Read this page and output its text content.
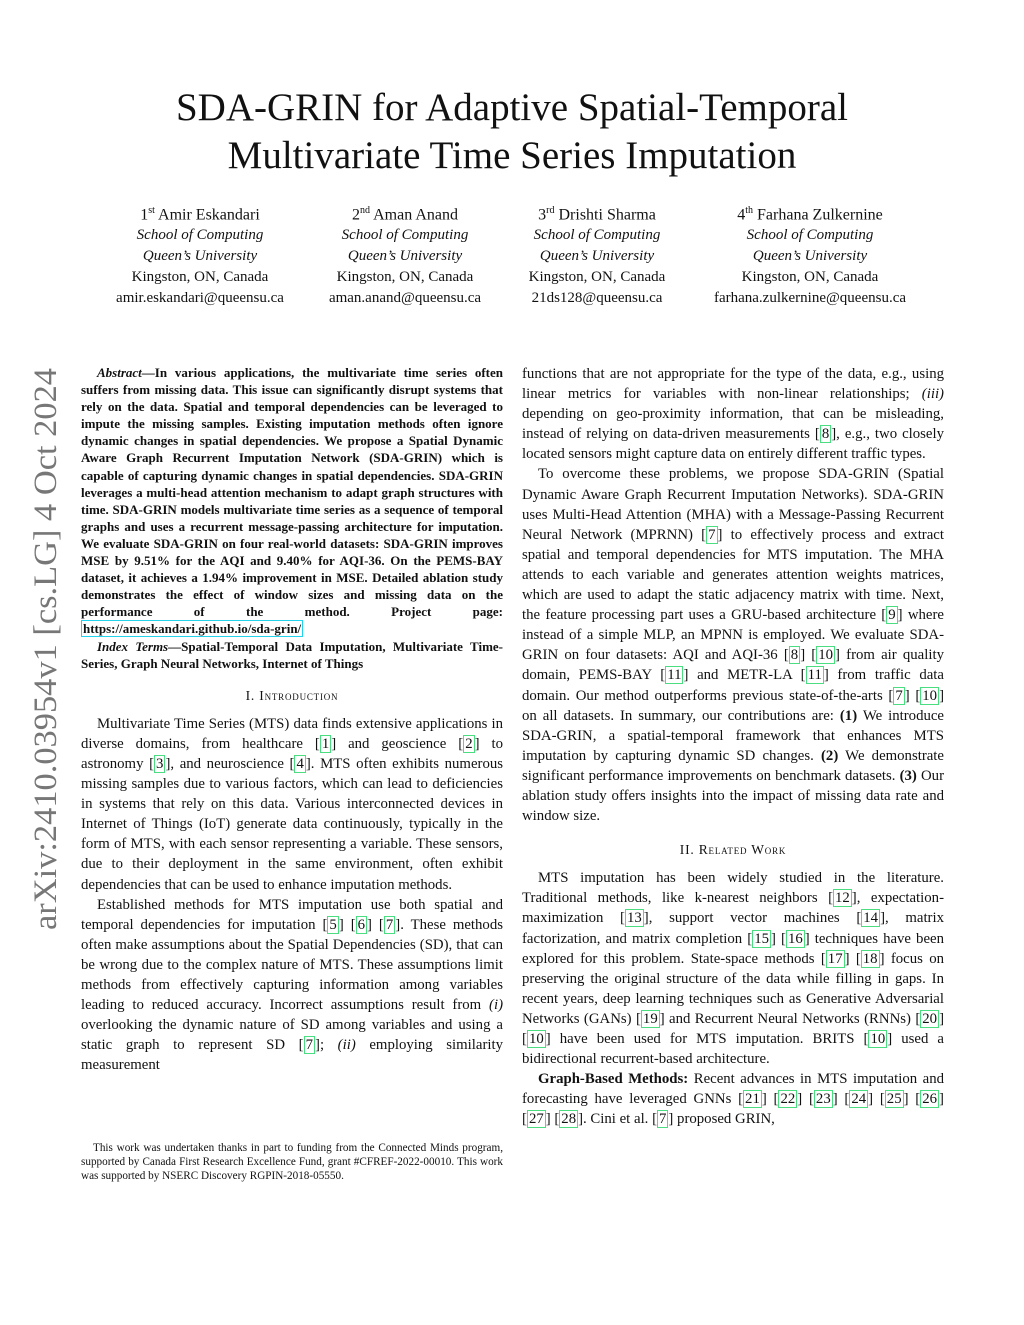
arXiv:2410.03954v1 [cs.LG] 4 Oct 2024
SDA-GRIN for Adaptive Spatial-Temporal
Multivariate Time Series Imputation
1st Amir Eskandari
School of Computing
Queen’s University
Kingston, ON, Canada
amir.eskandari@queensu.ca
2nd Aman Anand
School of Computing
Queen’s University
Kingston, ON, Canada
aman.anand@queensu.ca
3rd Drishti Sharma
School of Computing
Queen’s University
Kingston, ON, Canada
21ds128@queensu.ca
4th Farhana Zulkernine
School of Computing
Queen’s University
Kingston, ON, Canada
farhana.zulkernine@queensu.ca

Abstract—In various applications, the multivariate time series often suffers from missing data. This issue can significantly disrupt systems that rely on the data. Spatial and temporal dependencies can be leveraged to impute the missing samples. Existing imputation methods often ignore dynamic changes in spatial dependencies. We propose a Spatial Dynamic Aware Graph Recurrent Imputation Network (SDA-GRIN) which is capable of capturing dynamic changes in spatial dependencies. SDA-GRIN leverages a multi-head attention mechanism to adapt graph structures with time. SDA-GRIN models multivariate time series as a sequence of temporal graphs and uses a recurrent message-passing architecture for imputation. We evaluate SDA-GRIN on four real-world datasets: SDA-GRIN improves MSE by 9.51% for the AQI and 9.40% for AQI-36. On the PEMS-BAY dataset, it achieves a 1.94% improvement in MSE. Detailed ablation study demonstrates the effect of window sizes and missing data on the performance of the method. Project page: https://ameskandari.github.io/sda-grin/

Index Terms—Spatial-Temporal Data Imputation, Multivariate Time-Series, Graph Neural Networks, Internet of Things

I. Introduction

Multivariate Time Series (MTS) data finds extensive applications in diverse domains, from healthcare [ 1 ] and geoscience [ 2 ] to astronomy [ 3 ], and neuroscience [ 4 ]. MTS often exhibits numerous missing samples due to various factors, which can lead to deficiencies in systems that rely on this data. Various interconnected devices in Internet of Things (IoT) generate data continuously, typically in the form of MTS, with each sensor representing a variable. These sensors, due to their deployment in the same environment, often exhibit dependencies that can be used to enhance imputation methods.

Established methods for MTS imputation use both spatial and temporal dependencies for imputation [ 5 ] [ 6 ] [ 7 ]. These methods often make assumptions about the Spatial Dependencies (SD), that can be wrong due to the complex nature of MTS. These assumptions limit methods from effectively capturing information among variables leading to reduced accuracy. Incorrect assumptions result from (i) overlooking the dynamic nature of SD among variables and using a static graph to represent SD [ 7 ]; (ii) employing similarity measurement

This work was undertaken thanks in part to funding from the Connected Minds program, supported by Canada First Research Excellence Fund, grant #CFREF-2022-00010. This work was supported by NSERC Discovery RGPIN-2018-05550.

functions that are not appropriate for the type of the data, e.g., using linear metrics for variables with non-linear relationships; (iii) depending on geo-proximity information, that can be misleading, instead of relying on data-driven measurements [ 8 ], e.g., two closely located sensors might capture data on entirely different traffic types.

To overcome these problems, we propose SDA-GRIN (Spatial Dynamic Aware Graph Recurrent Imputation Networks). SDA-GRIN uses Multi-Head Attention (MHA) with a Message-Passing Recurrent Neural Network (MPRNN) [ 7 ] to effectively process and extract spatial and temporal dependencies for MTS imputation. The MHA attends to each variable and generates attention weights matrices, which are used to adapt the static adjacency matrix with time. Next, the feature processing part uses a GRU-based architecture [ 9 ] where instead of a simple MLP, an MPNN is employed. We evaluate SDA-GRIN on four datasets: AQI and AQI-36 [ 8 ] [ 10 ] from air quality domain, PEMS-BAY [ 11 ] and METR-LA [ 11 ] from traffic data domain. Our method outperforms previous state-of-the-arts [ 7 ] [ 10 ] on all datasets. In summary, our contributions are: (1) We introduce SDA-GRIN, a spatial-temporal framework that enhances MTS imputation by capturing dynamic SD changes. (2) We demonstrate significant performance improvements on benchmark datasets. (3) Our ablation study offers insights into the impact of missing data rate and window size.

II. Related Work

MTS imputation has been widely studied in the literature. Traditional methods, like k-nearest neighbors [ 12 ], expectation-maximization [ 13 ], support vector machines [ 14 ], matrix factorization, and matrix completion [ 15 ] [ 16 ] techniques have been explored for this problem. State-space methods [ 17 ] [ 18 ] focus on preserving the original structure of the data while filling in gaps. In recent years, deep learning techniques such as Generative Adversarial Networks (GANs) [ 19 ] and Recurrent Neural Networks (RNNs) [ 20 ] [ 10 ] have been used for MTS imputation. BRITS [ 10 ] used a bidirectional recurrent-based architecture.

Graph-Based Methods: Recent advances in MTS imputation and forecasting have leveraged GNNs [ 21 ] [ 22 ] [ 23 ] [ 24 ] [ 25 ] [ 26 ] [ 27 ] [ 28 ]. Cini et al. [ 7 ] proposed GRIN,
